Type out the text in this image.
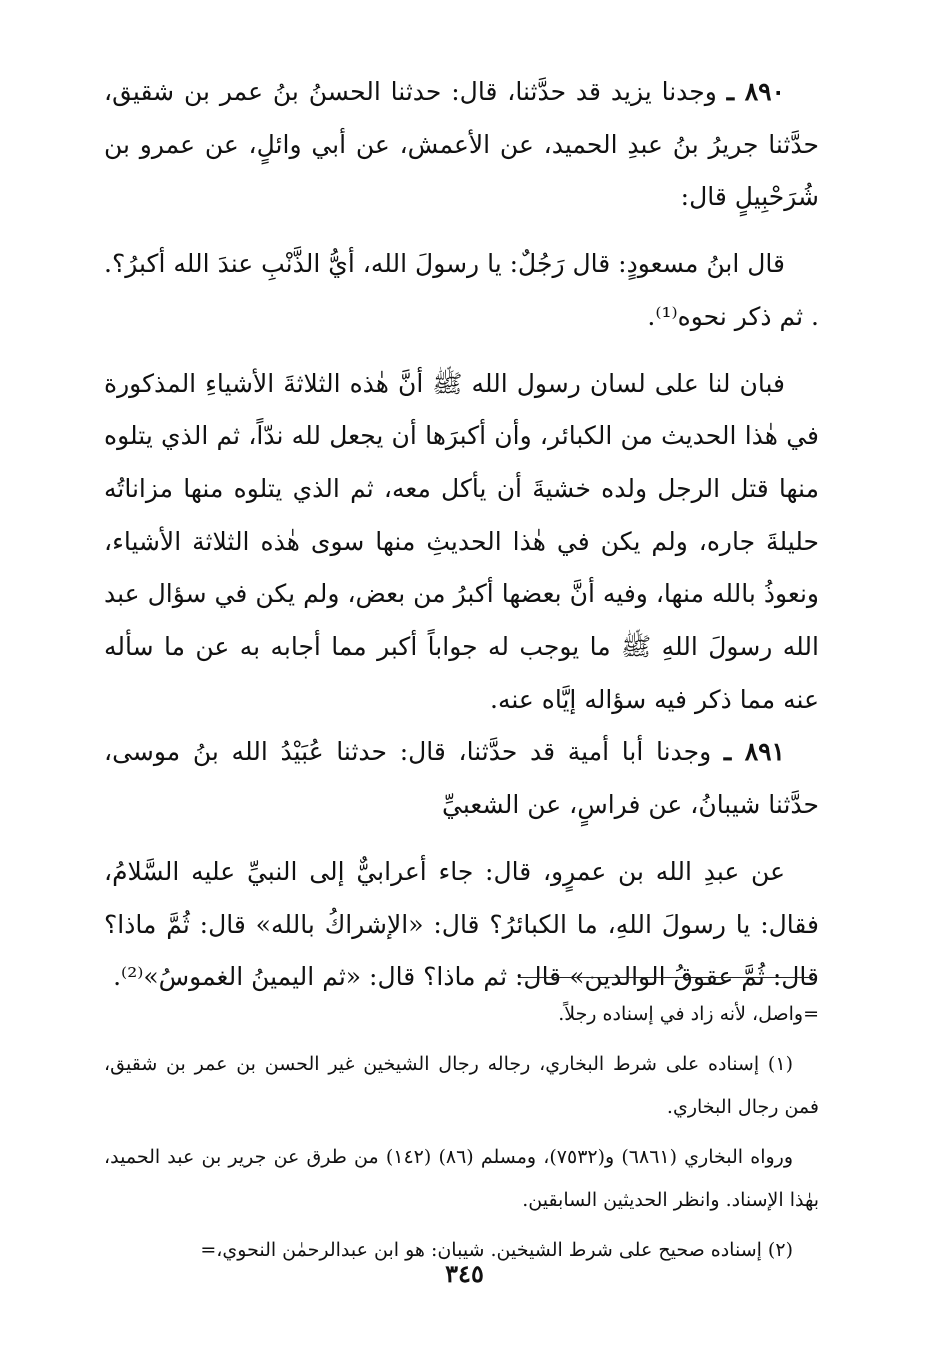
٨٩٠ ـ وجدنا يزيد قد حدَّثنا، قال: حدثنا الحسنُ بنُ عمر بن شقيق، حدَّثنا جريرُ بنُ عبدِ الحميد، عن الأعمش، عن أبي وائلٍ، عن عمرو بن شُرَحْبِيلٍ قال:

قال ابنُ مسعودٍ: قال رَجُلٌ: يا رسولَ الله، أيُّ الذَّنْبِ عندَ الله أكبرُ؟. . ثم ذكر نحوه⁽¹⁾.

فبان لنا على لسان رسول الله ﷺ أنَّ هٰذه الثلاثةَ الأشياءِ المذكورة في هٰذا الحديث من الكبائر، وأن أكبرَها أن يجعل لله ندّاً، ثم الذي يتلوه منها قتل الرجل ولده خشيةَ أن يأكل معه، ثم الذي يتلوه منها مزاناتُه حليلةَ جاره، ولم يكن في هٰذا الحديثِ منها سوى هٰذه الثلاثة الأشياء، ونعوذُ بالله منها، وفيه أنَّ بعضها أكبرُ من بعض، ولم يكن في سؤال عبد الله رسولَ اللهِ ﷺ ما يوجب له جواباً أكبر مما أجابه به عن ما سأله عنه مما ذكر فيه سؤاله إيَّاه عنه.

٨٩١ ـ وجدنا أبا أمية قد حدَّثنا، قال: حدثنا عُبَيْدُ الله بنُ موسى، حدَّثنا شيبانُ، عن فراسٍ، عن الشعبيِّ

عن عبدِ الله بن عمرٍو، قال: جاء أعرابيٌّ إلى النبيِّ عليه السَّلامُ، فقال: يا رسولَ اللهِ، ما الكبائرُ؟ قال: «الإشراكُ بالله» قال: ثُمَّ ماذا؟ قال: ثُمَّ عقوقُ الوالدين» قال: ثم ماذا؟ قال: «ثم اليمينُ الغموسُ»⁽²⁾.

=واصل، لأنه زاد في إسناده رجلاً.

(١) إسناده على شرط البخاري، رجاله رجال الشيخين غير الحسن بن عمر بن شقيق، فمن رجال البخاري.

ورواه البخاري (٦٨٦١) و(٧٥٣٢)، ومسلم (٨٦) (١٤٢) من طرق عن جرير بن عبد الحميد، بهٰذا الإسناد. وانظر الحديثين السابقين.

(٢) إسناده صحيح على شرط الشيخين. شيبان: هو ابن عبدالرحمٰن النحوي،=

٣٤٥
